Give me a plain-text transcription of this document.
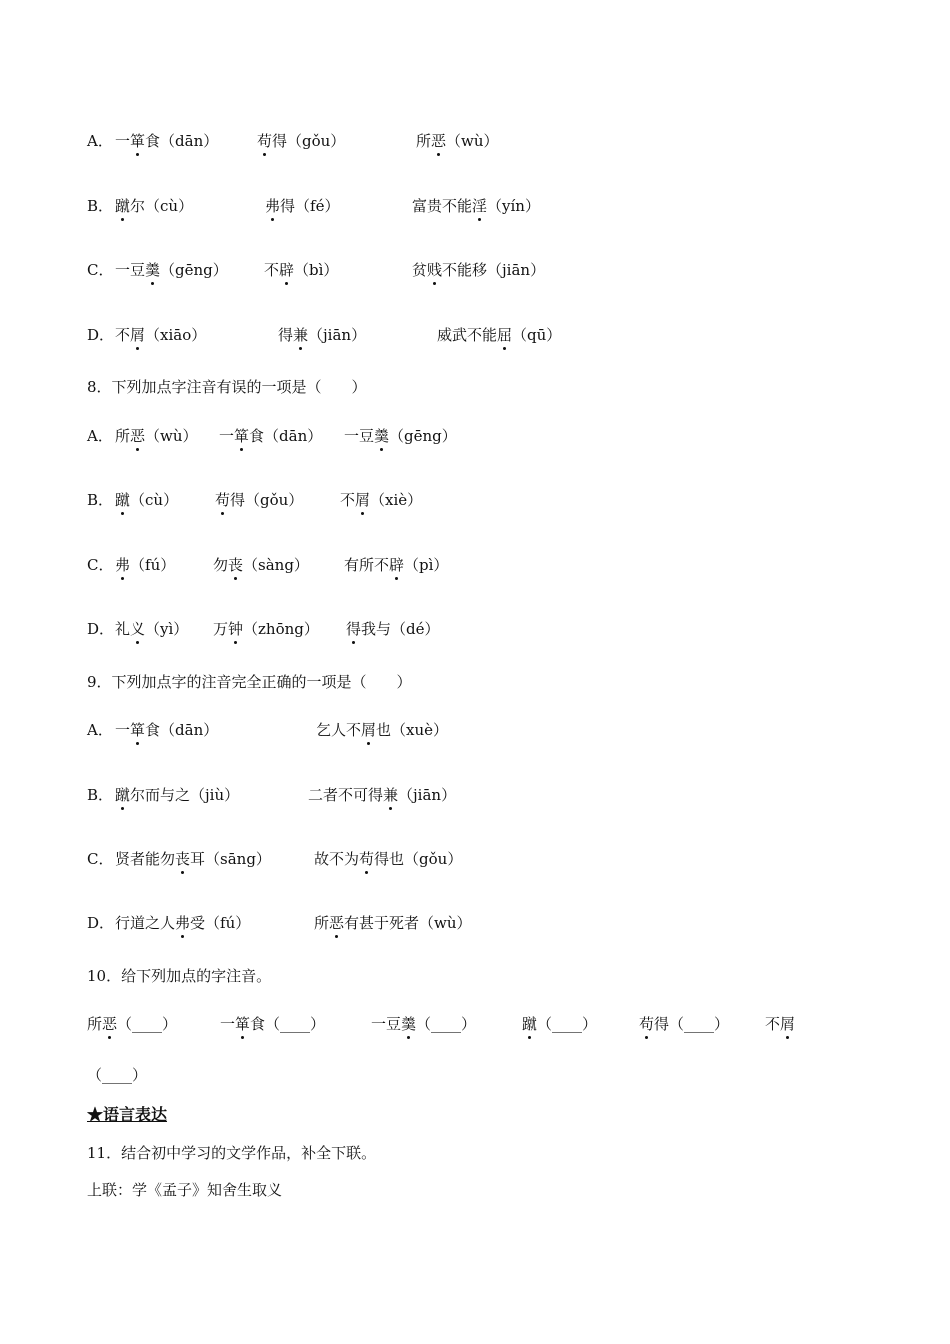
A． 一箪食（dān）	苟得（gǒu）	所恶（wù）
B． 蹴尔（cù）	弗得（fé）	富贵不能淫（yín）
C． 一豆羹（gēng） 不辟（bì）	贫贱不能移（jiān）
D． 不屑（xiāo）	得兼（jiān）	威武不能屈（qū）
8．下列加点字注音有误的一项是（　　）
A． 所恶（wù） 一箪食（dān） 一豆羹（gēng）
B． 蹴（cù） 苟得（gǒu） 不屑（xiè）
C． 弗（fú）	勿丧（sàng） 有所不辟（pì）
D． 礼义（yì） 万钟（zhōng） 得我与（dé）
9．下列加点字的注音完全正确的一项是（　　）
A． 一箪食（dān）	乞人不屑也（xuè）
B． 蹴尔而与之（jiù）	二者不可得兼（jiān）
C． 贤者能勿丧耳（sāng）	故不为苟得也（gǒu）
D． 行道之人弗受（fú）	所恶有甚于死者（wù）
10．给下列加点的字注音。
所恶（____）	一箪食（____）	一豆羹（____）	蹴（____）	苟得（____） 不屑
（____）
★语言表达
11．结合初中学习的文学作品，补全下联。
上联：学《孟子》知舍生取义
